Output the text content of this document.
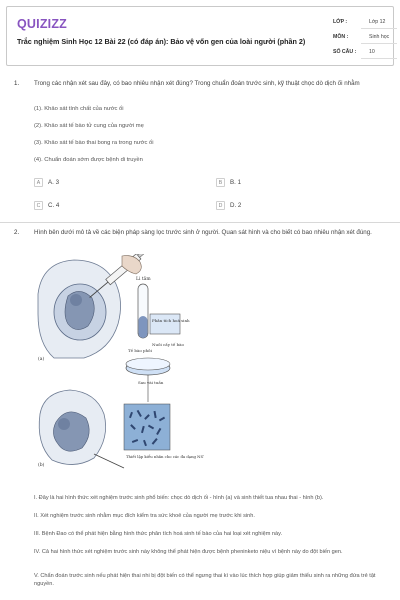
QUIZIZZ
Trắc nghiệm Sinh Học 12 Bài 22 (có đáp án): Bảo vệ vốn gen của loài người (phần 2)
LỚP :	Lớp 12
MÔN :	Sinh học
SỐ CÂU :	10
1. Trong các nhận xét sau đây, có bao nhiêu nhận xét đúng? Trong chuẩn đoán trước sinh, kỹ thuật chọc dò dịch ối nhằm
(1). Khảo sát tính chất của nước ối
(2). Khảo sát tế bào tử cung của người mẹ
(3). Khảo sát tế bào thai bong ra trong nước ối
(4). Chuẩn đoán sớm được bệnh di truyền
A	A. 3	B	B. 1
C	C. 4	D	D. 2
2. Hình bên dưới mô tả về các biện pháp sàng lọc trước sinh ở người. Quan sát hình và cho biết có bao nhiêu nhận xét đúng.
(a)
Li tâm
Phân tích hoá sinh
Tế bào phôi
Nuôi cấy tế bào
Sau vài tuần
(b)
Thiết lập kiểu nhân cho các đa dạng NST
I. Đây là hai hình thức xét nghiệm trước sinh phổ biến: chọc dò dịch ối - hình (a) và sinh thiết tua nhau thai - hình (b).
II. Xét nghiệm trước sinh nhằm mục đích kiểm tra sức khoẻ của người mẹ trước khi sinh.
III. Bệnh Đao có thể phát hiện bằng hình thức phân tích hoá sinh tế bào của hai loại xét nghiệm này.
IV. Cả hai hình thức xét nghiệm trước sinh này không thể phát hiện được bệnh pheninketo niệu vì bệnh này do đột biến gen.
V. Chẩn đoán trước sinh nếu phát hiện thai nhi bị đột biến có thể ngưng thai kì vào lúc thích hợp giúp giảm thiểu sinh ra những đứa trẻ tật nguyền.
